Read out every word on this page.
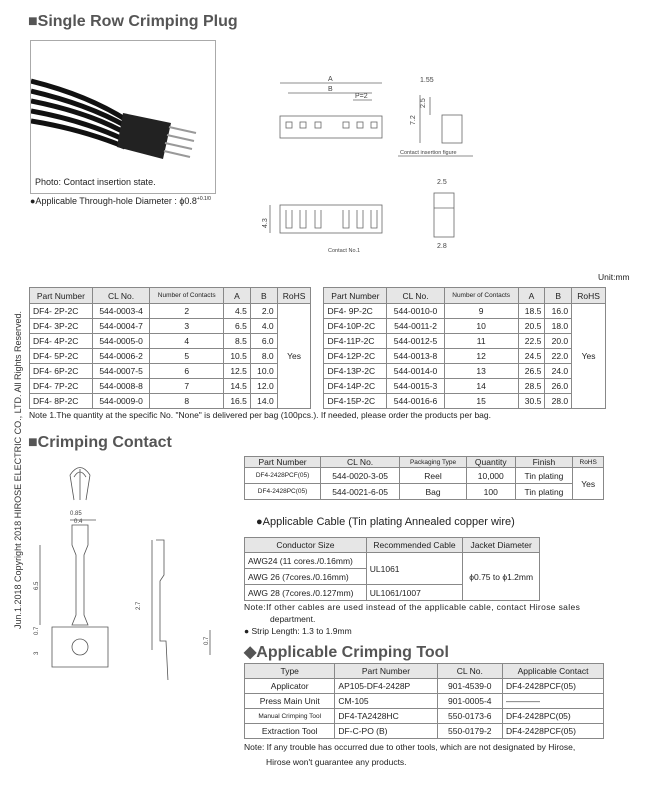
Jun.1.2018 Copyright 2018 HIROSE ELECTRIC CO., LTD. All Rights Reserved.
■Single Row Crimping Plug
Photo: Contact insertion state.
●Applicable Through-hole Diameter : $\phi 0.8^{+0.1/0}$
A
B
P=2
1.55
2.5
7.2
Contact insertion figure
4.3
Contact No.1
2.5
2.8
Unit:mm
Part Number	CL No.	Number of Contacts	A	B	RoHS		Part Number	CL No.	Number of Contacts	A	B	RoHS
DF4- 2P-2C	544-0003-4	2	4.5	2.0	Yes		DF4- 9P-2C	544-0010-0	9	18.5	16.0	Yes
DF4- 3P-2C	544-0004-7	3	6.5	4.0			DF4-10P-2C	544-0011-2	10	20.5	18.0	
DF4- 4P-2C	544-0005-0	4	8.5	6.0			DF4-11P-2C	544-0012-5	11	22.5	20.0	
DF4- 5P-2C	544-0006-2	5	10.5	8.0			DF4-12P-2C	544-0013-8	12	24.5	22.0	
DF4- 6P-2C	544-0007-5	6	12.5	10.0			DF4-13P-2C	544-0014-0	13	26.5	24.0	
DF4- 7P-2C	544-0008-8	7	14.5	12.0			DF4-14P-2C	544-0015-3	14	28.5	26.0	
DF4- 8P-2C	544-0009-0	8	16.5	14.0			DF4-15P-2C	544-0016-6	15	30.5	28.0	
Note 1.The quantity at the specific No. "None" is delivered per bag (100pcs.). If needed, please order the products per bag.
■Crimping Contact
0.85
0.4
6.5
2.7
0.7
3
0.7
Part Number	CL No.	Packaging Type	Quantity	Finish	RoHS
DF4-2428PCF(05)	544-0020-3-05	Reel	10,000	Tin plating	Yes
DF4-2428PC(05)	544-0021-6-05	Bag	100	Tin plating	
●Applicable Cable (Tin plating Annealed copper wire)
Conductor Size	Recommended Cable	Jacket Diameter
AWG24 (11 cores./0.16mm)	UL1061	ϕ0.75 to ϕ1.2mm
AWG 26 (7cores./0.16mm)		
AWG 28 (7cores./0.127mm)	UL1061/1007	
Note:If other cables are used instead of the applicable cable, contact Hirose sales
department.
● Strip Length: 1.3 to 1.9mm
◆Applicable Crimping Tool
Type	Part Number	CL No.	Applicable Contact
Applicator	AP105-DF4-2428P	901-4539-0	DF4-2428PCF(05)
Press Main Unit	CM-105	901-0005-4	————
Manual Crimping Tool	DF4-TA2428HC	550-0173-6	DF4-2428PC(05)
Extraction Tool	DF-C-PO (B)	550-0179-2	DF4-2428PCF(05)
Note: If any trouble has occurred due to other tools, which are not designated by Hirose,
Hirose won't guarantee any products.
